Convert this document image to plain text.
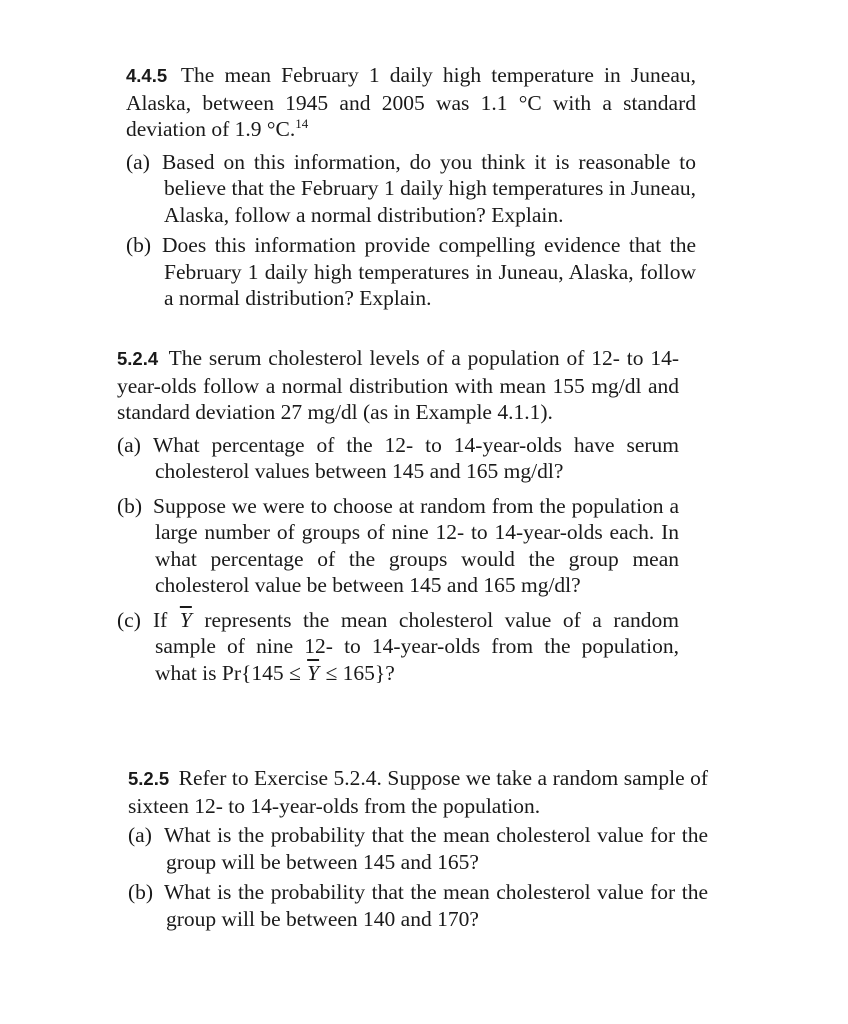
4.4.5 The mean February 1 daily high temperature in Juneau, Alaska, between 1945 and 2005 was 1.1 °C with a standard deviation of 1.9 °C.$^{14}$

(a) Based on this information, do you think it is reasonable to believe that the February 1 daily high temperatures in Juneau, Alaska, follow a normal distribution? Explain.

(b) Does this information provide compelling evidence that the February 1 daily high temperatures in Juneau, Alaska, follow a normal distribution? Explain.

5.2.4 The serum cholesterol levels of a population of 12- to 14-year-olds follow a normal distribution with mean 155 mg/dl and standard deviation 27 mg/dl (as in Example 4.1.1).

(a) What percentage of the 12- to 14-year-olds have serum cholesterol values between 145 and 165 mg/dl?

(b) Suppose we were to choose at random from the population a large number of groups of nine 12- to 14-year-olds each. In what percentage of the groups would the group mean cholesterol value be between 145 and 165 mg/dl?

(c) If $\overline{Y}$ represents the mean cholesterol value of a random sample of nine 12- to 14-year-olds from the population, what is $Pr\{145 \le \overline{Y} \le 165\}$?

5.2.5 Refer to Exercise 5.2.4. Suppose we take a random sample of sixteen 12- to 14-year-olds from the population.

(a) What is the probability that the mean cholesterol value for the group will be between 145 and 165?

(b) What is the probability that the mean cholesterol value for the group will be between 140 and 170?
